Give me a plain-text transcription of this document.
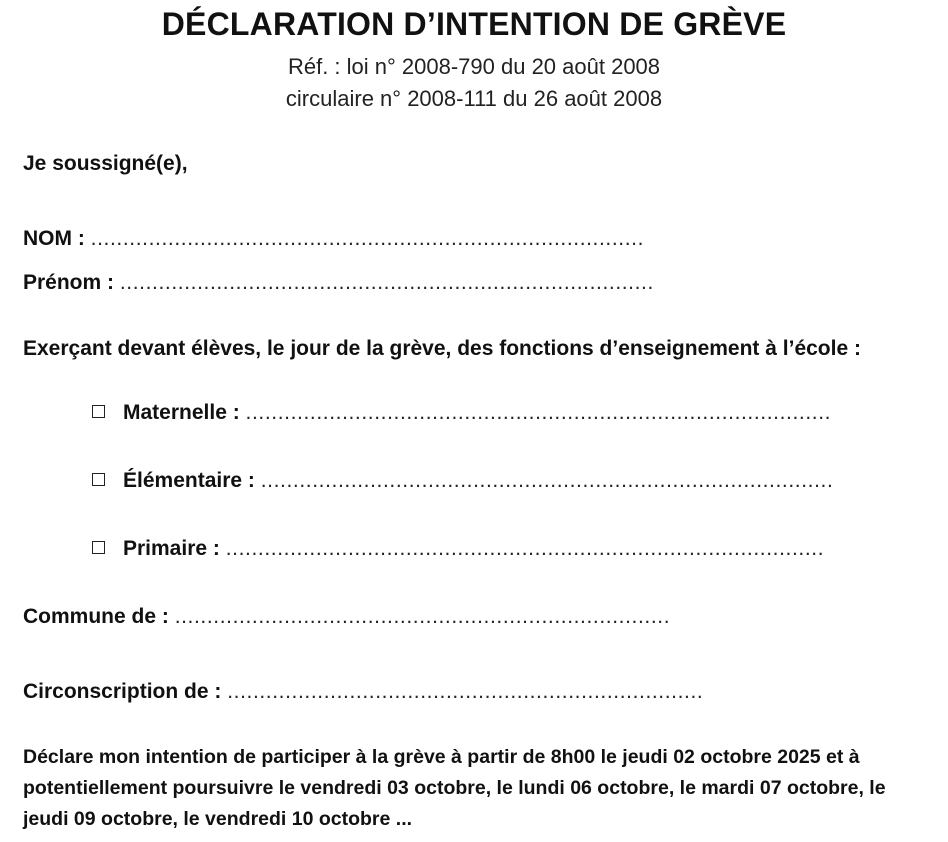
DÉCLARATION D’INTENTION DE GRÈVE
Réf. : loi n° 2008-790 du 20 août 2008
circulaire n° 2008-111 du 26 août 2008
Je soussigné(e),
NOM : ......................................................................................
Prénom : ...................................................................................
Exerçant devant élèves, le jour de la grève, des fonctions d’enseignement à l’école :
Maternelle : ...........................................................................................
Élémentaire : .........................................................................................
Primaire : .............................................................................................
Commune de : .............................................................................
Circonscription de : ..........................................................................
Déclare mon intention de participer à la grève à partir de 8h00 le jeudi 02 octobre 2025 et à potentiellement poursuivre le vendredi 03 octobre, le lundi 06 octobre, le mardi 07 octobre, le jeudi 09 octobre, le vendredi 10 octobre ...
